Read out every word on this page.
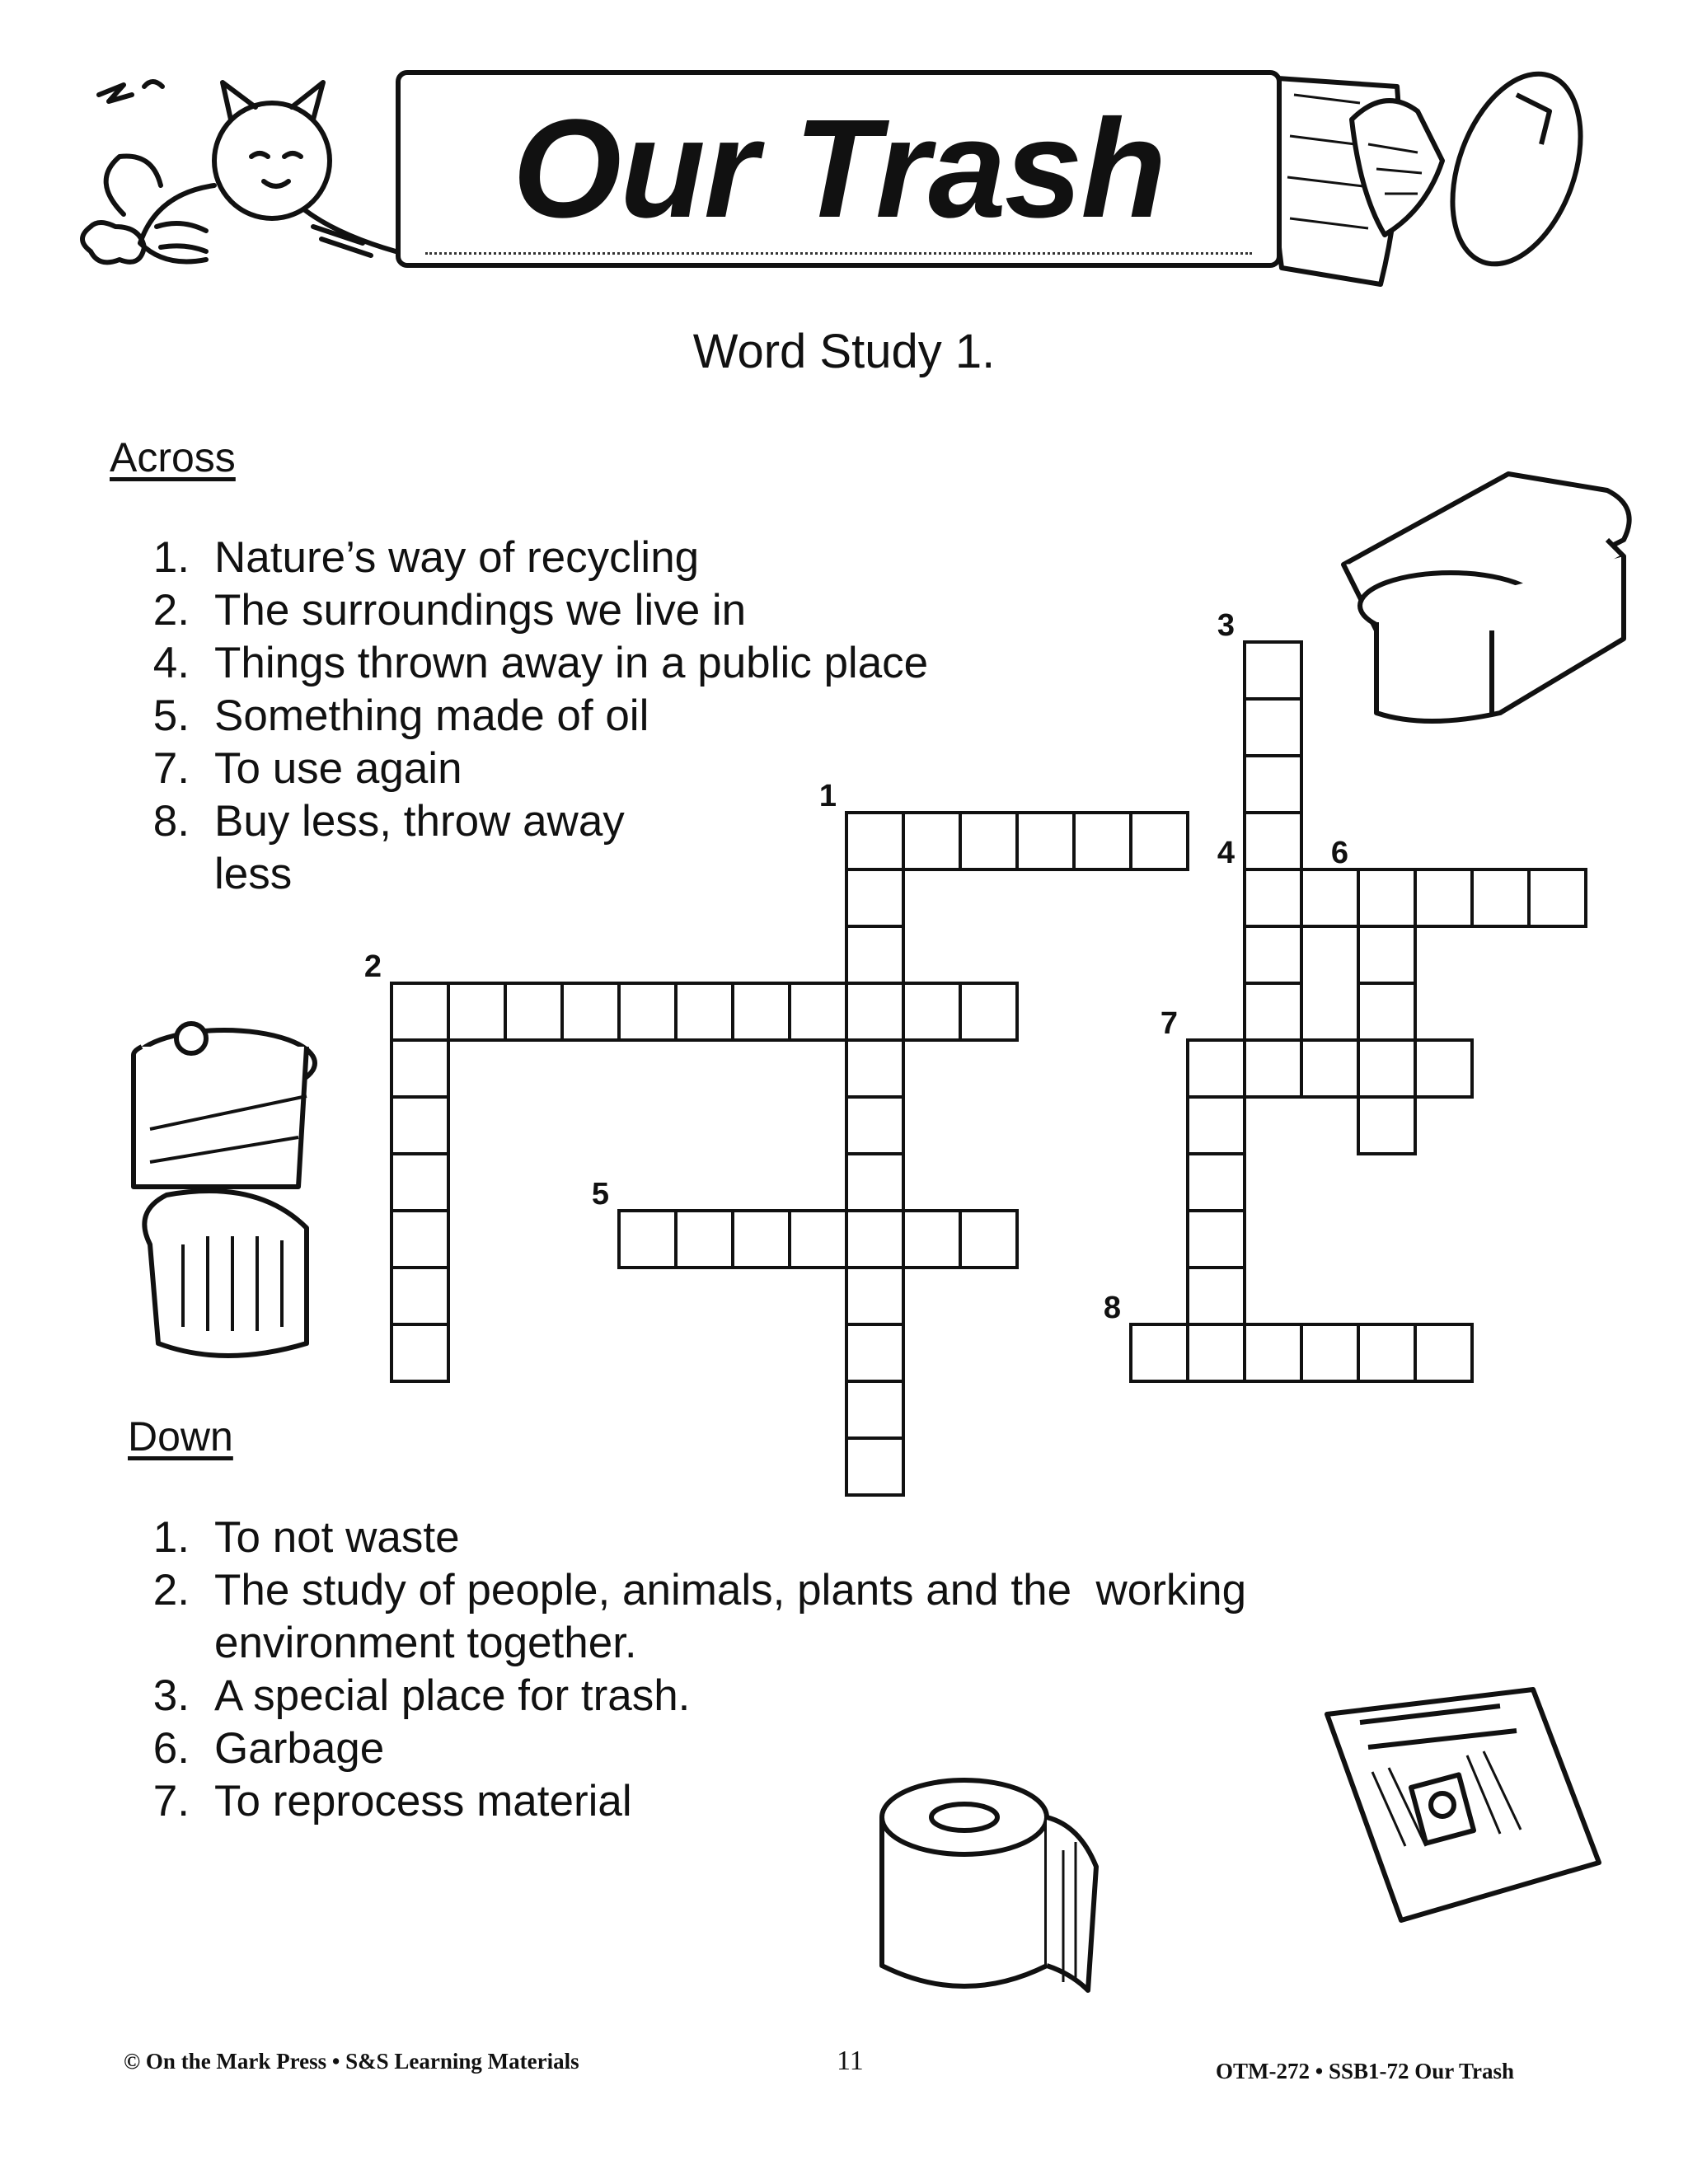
Our Trash
Word Study 1.
Across
1. Nature’s way of recycling
2. The surroundings we live in
4. Things thrown away in a public place
5. Something made of oil
7. To use again
8. Buy less, throw away
less
Down
1. To not waste
2. The study of people, animals, plants and the  working
environment together.
3. A special place for trash.
6. Garbage
7. To reprocess material
1
3
4	6
2
5
7
8
© On the Mark Press • S&S Learning Materials	11	OTM-272 • SSB1-72 Our Trash
